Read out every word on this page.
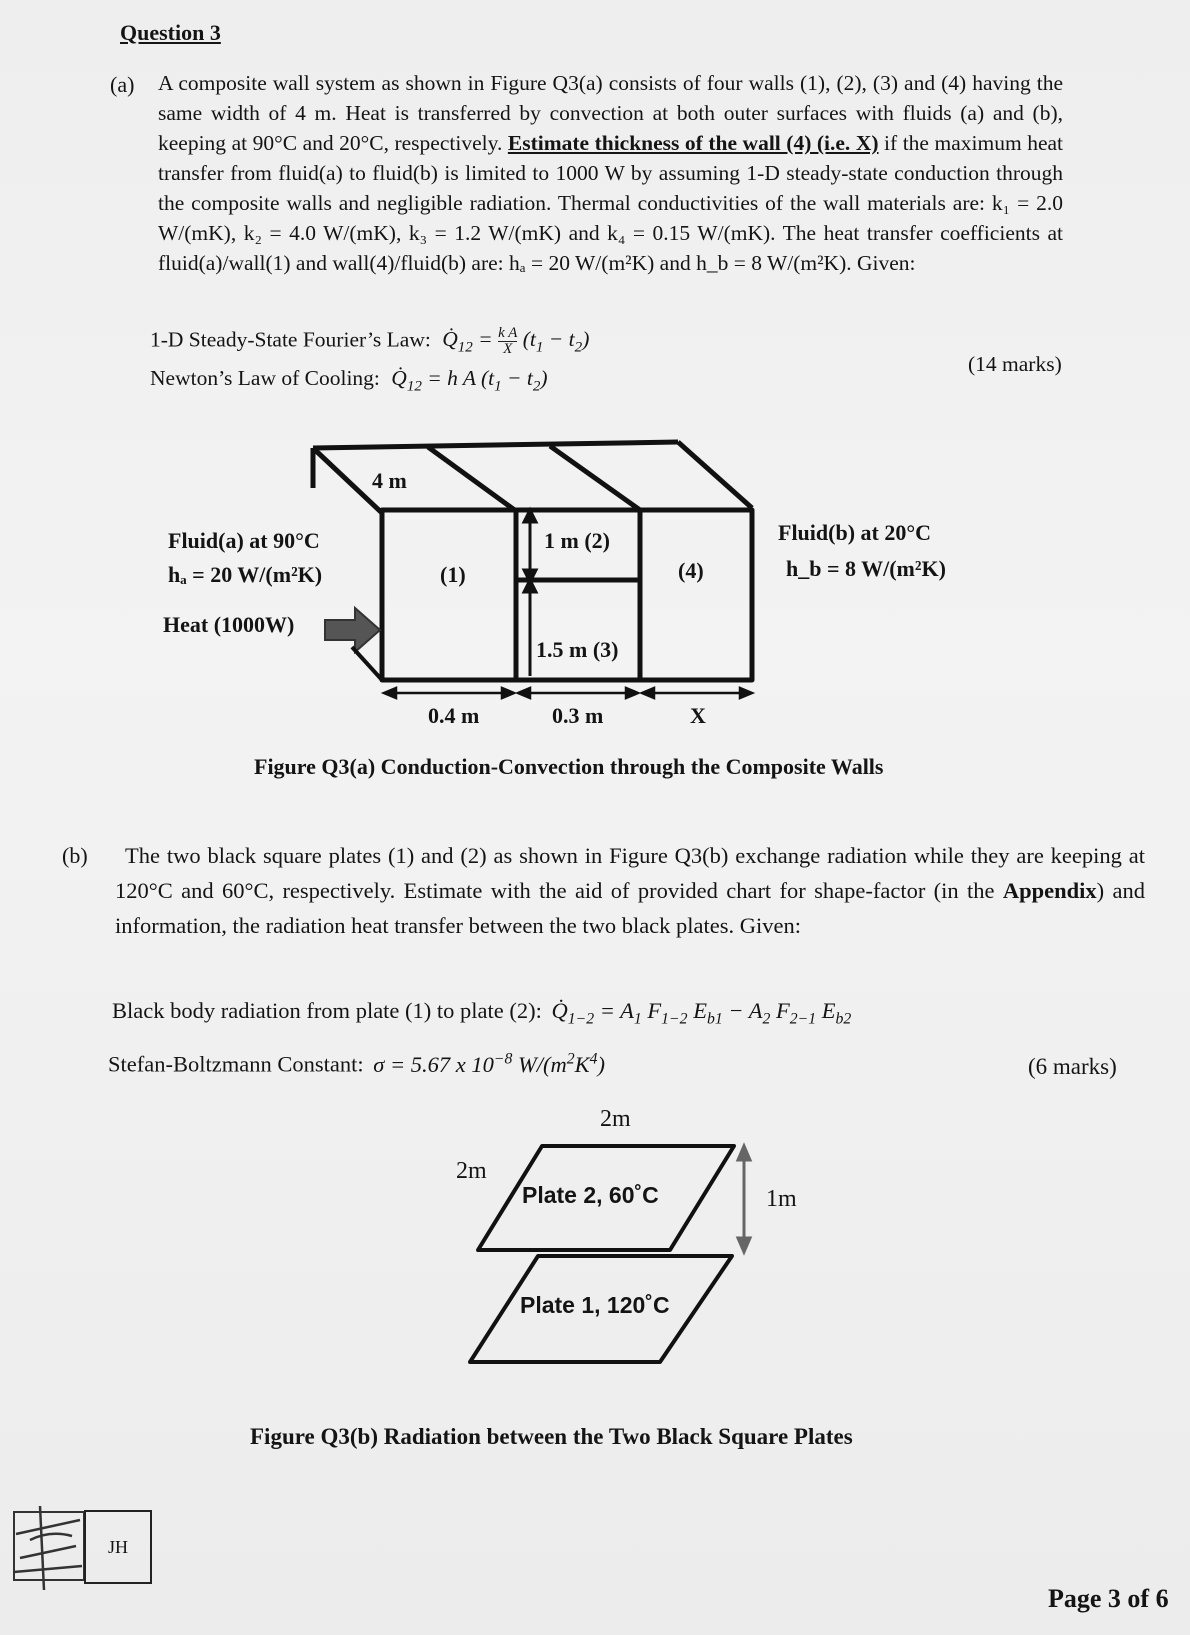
Question 3
(a) A composite wall system as shown in Figure Q3(a) consists of four walls (1), (2), (3) and (4) having the same width of 4 m. Heat is transferred by convection at both outer surfaces with fluids (a) and (b), keeping at 90°C and 20°C, respectively. Estimate thickness of the wall (4) (i.e. X) if the maximum heat transfer from fluid(a) to fluid(b) is limited to 1000 W by assuming 1-D steady-state conduction through the composite walls and negligible radiation. Thermal conductivities of the wall materials are: k₁ = 2.0 W/(mK), k₂ = 4.0 W/(mK), k₃ = 1.2 W/(mK) and k₄ = 0.15 W/(mK). The heat transfer coefficients at fluid(a)/wall(1) and wall(4)/fluid(b) are: hₐ = 20 W/(m²K) and h_b = 8 W/(m²K). Given:

1-D Steady-State Fourier’s Law: $Q̇_{12} = \frac{\text{k A}}{X} (t_1 - t_2)$
Newton’s Law of Cooling: $Q̇_{12} = h$ A $(t_1 - t_2)$
(14 marks)
4 m
Fluid(a) at 90°C
hₐ = 20 W/(m²K)
Heat (1000W)
(1)
1 m (2)
1.5 m (3)
(4)
Fluid(b) at 20°C
h_b = 8 W/(m²K)
0.4 m	0.3 m	X
Figure Q3(a) Conduction-Convection through the Composite Walls
(b)	The two black square plates (1) and (2) as shown in Figure Q3(b) exchange radiation while they are keeping at 120°C and 60°C, respectively. Estimate with the aid of provided chart for shape-factor (in the Appendix) and information, the radiation heat transfer between the two black plates. Given:

Black body radiation from plate (1) to plate (2): $Q̇_{1-2} = A_1$ $F_{1-2}$ $E_{b1} - A_2$ $F_{2-1}$ $E_{b2}$
Stefan-Boltzmann Constant: σ = 5.67 x $10^{-8}$ $W/(m^2K^4)$	(6 marks)
2m
2m
1m
Plate 2, 60˚C
Plate 1, 120˚C
Figure Q3(b) Radiation between the Two Black Square Plates
JH
Page 3 of 6
